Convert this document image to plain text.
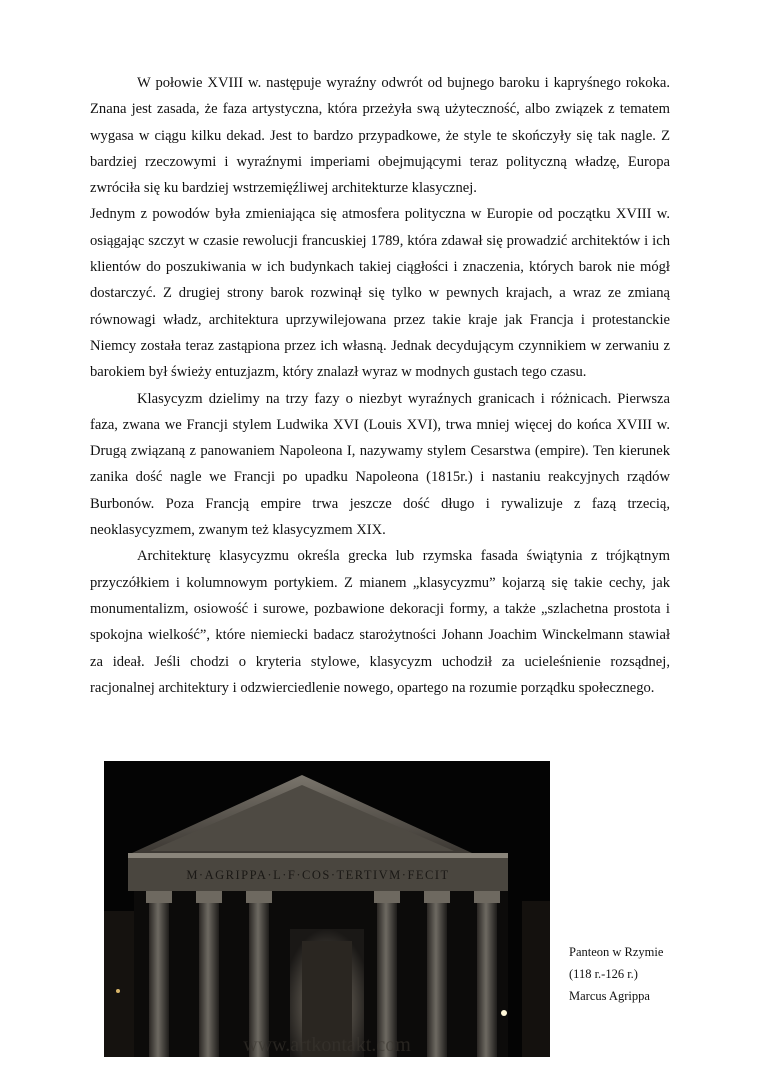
W połowie XVIII w. następuje wyraźny odwrót od bujnego baroku i kapryśnego rokoka. Znana jest zasada, że faza artystyczna, która przeżyła swą użyteczność, albo związek z tematem wygasa w ciągu kilku dekad. Jest to bardzo przypadkowe, że style te skończyły się tak nagle. Z bardziej rzeczowymi i wyraźnymi imperiami obejmującymi teraz polityczną władzę, Europa zwróciła się ku bardziej wstrzemięźliwej architekturze klasycznej.

Jednym z powodów była zmieniająca się atmosfera polityczna w Europie od początku XVIII w. osiągając szczyt w czasie rewolucji francuskiej 1789, która zdawał się prowadzić architektów i ich klientów do poszukiwania w ich budynkach takiej ciągłości i znaczenia, których barok nie mógł dostarczyć. Z drugiej strony barok rozwinął się tylko w pewnych krajach, a wraz ze zmianą równowagi władz, architektura uprzywilejowana przez takie kraje jak Francja i protestanckie Niemcy została teraz zastąpiona przez ich własną. Jednak decydującym czynnikiem w zerwaniu z barokiem był świeży entuzjazm, który znalazł wyraz w modnych gustach tego czasu.

Klasycyzm dzielimy na trzy fazy o niezbyt wyraźnych granicach i różnicach. Pierwsza faza, zwana we Francji stylem Ludwika XVI (Louis XVI), trwa mniej więcej do końca XVIII w. Drugą związaną z panowaniem Napoleona I, nazywamy stylem Cesarstwa (empire). Ten kierunek zanika dość nagle we Francji po upadku Napoleona (1815r.) i nastaniu reakcyjnych rządów Burbonów. Poza Francją empire trwa jeszcze dość długo i rywalizuje z fazą trzecią, neoklasycyzmem, zwanym też klasycyzmem XIX.

Architekturę klasycyzmu określa grecka lub rzymska fasada świątynia z trójkątnym przyczółkiem i kolumnowym portykiem. Z mianem „klasycyzmu” kojarzą się takie cechy, jak monumentalizm, osiowość i surowe, pozbawione dekoracji formy, a także „szlachetna prostota i spokojna wielkość”, które niemiecki badacz starożytności Johann Joachim Winckelmann stawiał za ideał. Jeśli chodzi o kryteria stylowe, klasycyzm uchodził za ucieleśnienie rozsądnej, racjonalnej architektury i odzwierciedlenie nowego, opartego na rozumie porządku społecznego.

M·AGRIPPA·L·F·COS·TERTIVM·FECIT
www.artkontakt.com
Panteon w Rzymie
(118 r.-126 r.)
Marcus Agrippa
